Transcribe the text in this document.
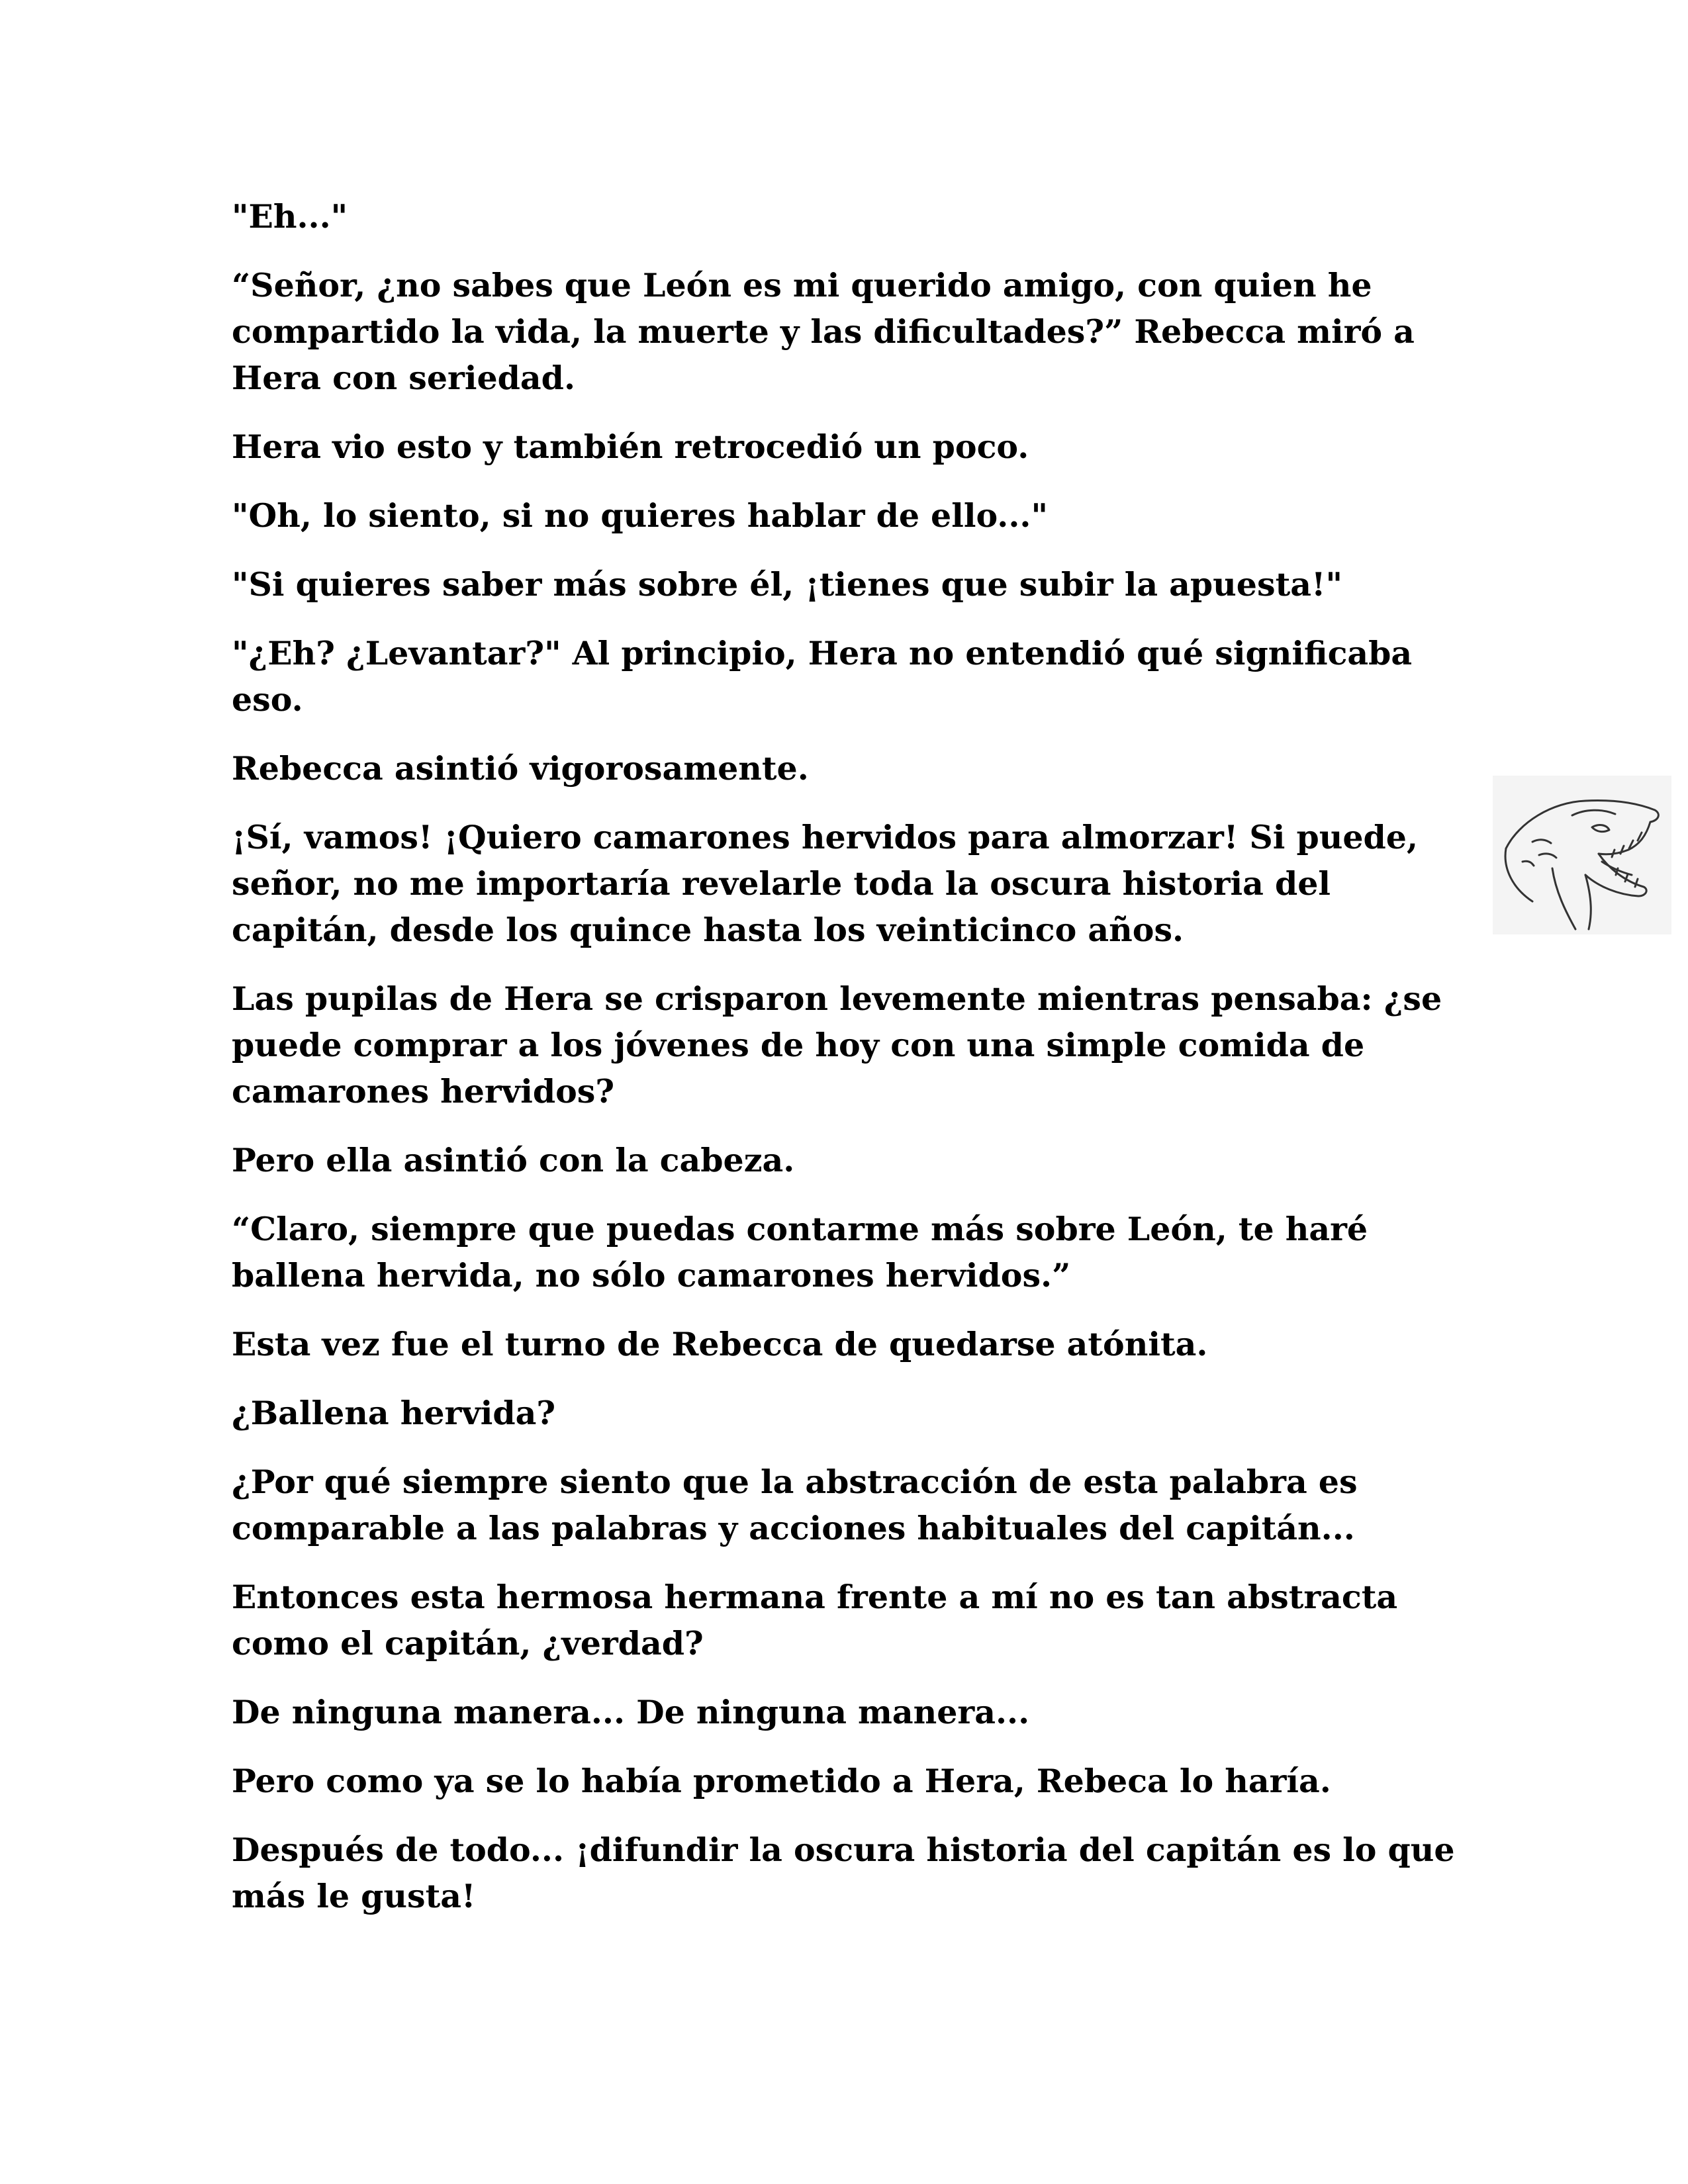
"Eh..."

“Señor, ¿no sabes que León es mi querido amigo, con quien he compartido la vida, la muerte y las dificultades?” Rebecca miró a Hera con seriedad.

Hera vio esto y también retrocedió un poco.

"Oh, lo siento, si no quieres hablar de ello..."

"Si quieres saber más sobre él, ¡tienes que subir la apuesta!"

"¿Eh? ¿Levantar?" Al principio, Hera no entendió qué significaba eso.

Rebecca asintió vigorosamente.

¡Sí, vamos! ¡Quiero camarones hervidos para almorzar! Si puede, señor, no me importaría revelarle toda la oscura historia del capitán, desde los quince hasta los veinticinco años.

Las pupilas de Hera se crisparon levemente mientras pensaba: ¿se puede comprar a los jóvenes de hoy con una simple comida de camarones hervidos?

Pero ella asintió con la cabeza.

“Claro, siempre que puedas contarme más sobre León, te haré ballena hervida, no sólo camarones hervidos.”

Esta vez fue el turno de Rebecca de quedarse atónita.

¿Ballena hervida?

¿Por qué siempre siento que la abstracción de esta palabra es comparable a las palabras y acciones habituales del capitán...

Entonces esta hermosa hermana frente a mí no es tan abstracta como el capitán, ¿verdad?

De ninguna manera... De ninguna manera...

Pero como ya se lo había prometido a Hera, Rebeca lo haría.

Después de todo... ¡difundir la oscura historia del capitán es lo que más le gusta!
